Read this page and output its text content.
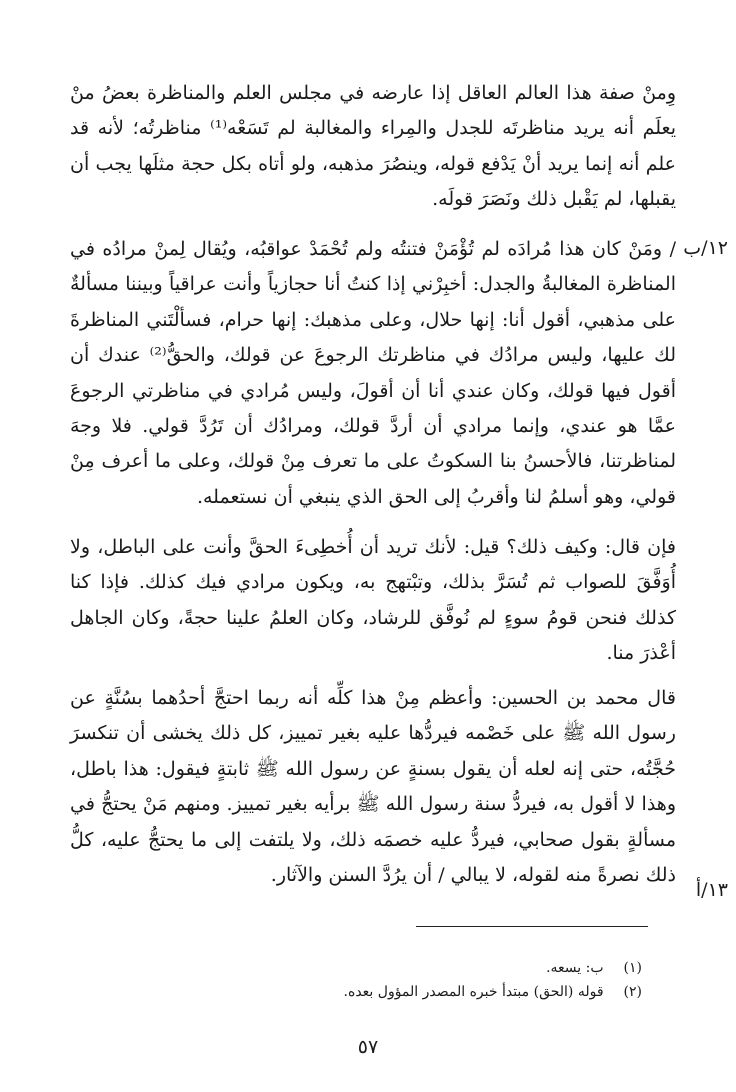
وِمنْ صفة هذا العالم العاقل إذا عارضه في مجلس العلم والمناظرة بعضُ منْ يعلَم أنه يريد مناظرتَه للجدل والمِراء والمغالبة لم تَسَعْه⁽¹⁾ مناظرتُه؛ لأنه قد علم أنه إنما يريد أنْ يَدْفع قوله، وينصُرَ مذهبه، ولو أتاه بكل حجة مثلَها يجب أن يقبلها، لم يَقْبل ذلك ونَصَرَ قولَه.

/ ومَنْ كان هذا مُرادَه لم تُؤْمَنْ فتنتُه ولم تُحْمَدْ عواقبُه، ويُقال لِمنْ مرادُه في المناظرة المغالبةُ والجدل: أخبِرْني إذا كنتُ أنا حجازياً وأنت عراقياً وبيننا مسألةٌ على مذهبي، أقول أنا: إنها حلال، وعلى مذهبك: إنها حرام، فسألْتَني المناظرةَ لك عليها، وليس مرادُك في مناظرتك الرجوعَ عن قولك، والحقُّ⁽²⁾ عندك أن أقول فيها قولك، وكان عندي أنا أن أقولَ، وليس مُرادي في مناظرتي الرجوعَ عمَّا هو عندي، وإنما مرادي أن أردَّ قولك، ومرادُك أن تَرُدَّ قولي. فلا وجهَ لمناظرتنا، فالأحسنُ بنا السكوتُ على ما تعرف مِنْ قولك، وعلى ما أعرف مِنْ قولي، وهو أسلمُ لنا وأقربُ إلى الحق الذي ينبغي أن نستعمله.

فإن قال: وكيف ذلك؟ قيل: لأنك تريد أن أُخطِىءَ الحقَّ وأنت على الباطل، ولا أُوَفَّقَ للصواب ثم تُسَرَّ بذلك، وتبْتهج به، ويكون مرادي فيك كذلك. فإذا كنا كذلك فنحن قومُ سوءٍ لم نُوفَّق للرشاد، وكان العلمُ علينا حجةً، وكان الجاهل أعْذرَ منا.

قال محمد بن الحسين: وأعظم مِنْ هذا كلِّه أنه ربما احتجَّ أحدُهما بسُنَّةٍ عن رسول الله ﷺ على خَصْمه فيردُّها عليه بغير تمييز، كل ذلك يخشى أن تنكسرَ حُجَّتُه، حتى إنه لعله أن يقول بسنةٍ عن رسول الله ﷺ ثابتةٍ فيقول: هذا باطل، وهذا لا أقول به، فيردُّ سنة رسول الله ﷺ برأيه بغير تمييز. ومنهم مَنْ يحتجُّ في مسألةٍ بقول صحابي، فيردُّ عليه خصمَه ذلك، ولا يلتفت إلى ما يحتجُّ عليه، كلُّ ذلك نصرةً منه لقوله، لا يبالي / أن يرُدَّ السنن والآثار.

١٢/ب
١٣/أ
(١) ب: يسعه.
(٢) قوله (الحق) مبتدأ خبره المصدر المؤول بعده.
٥٧
